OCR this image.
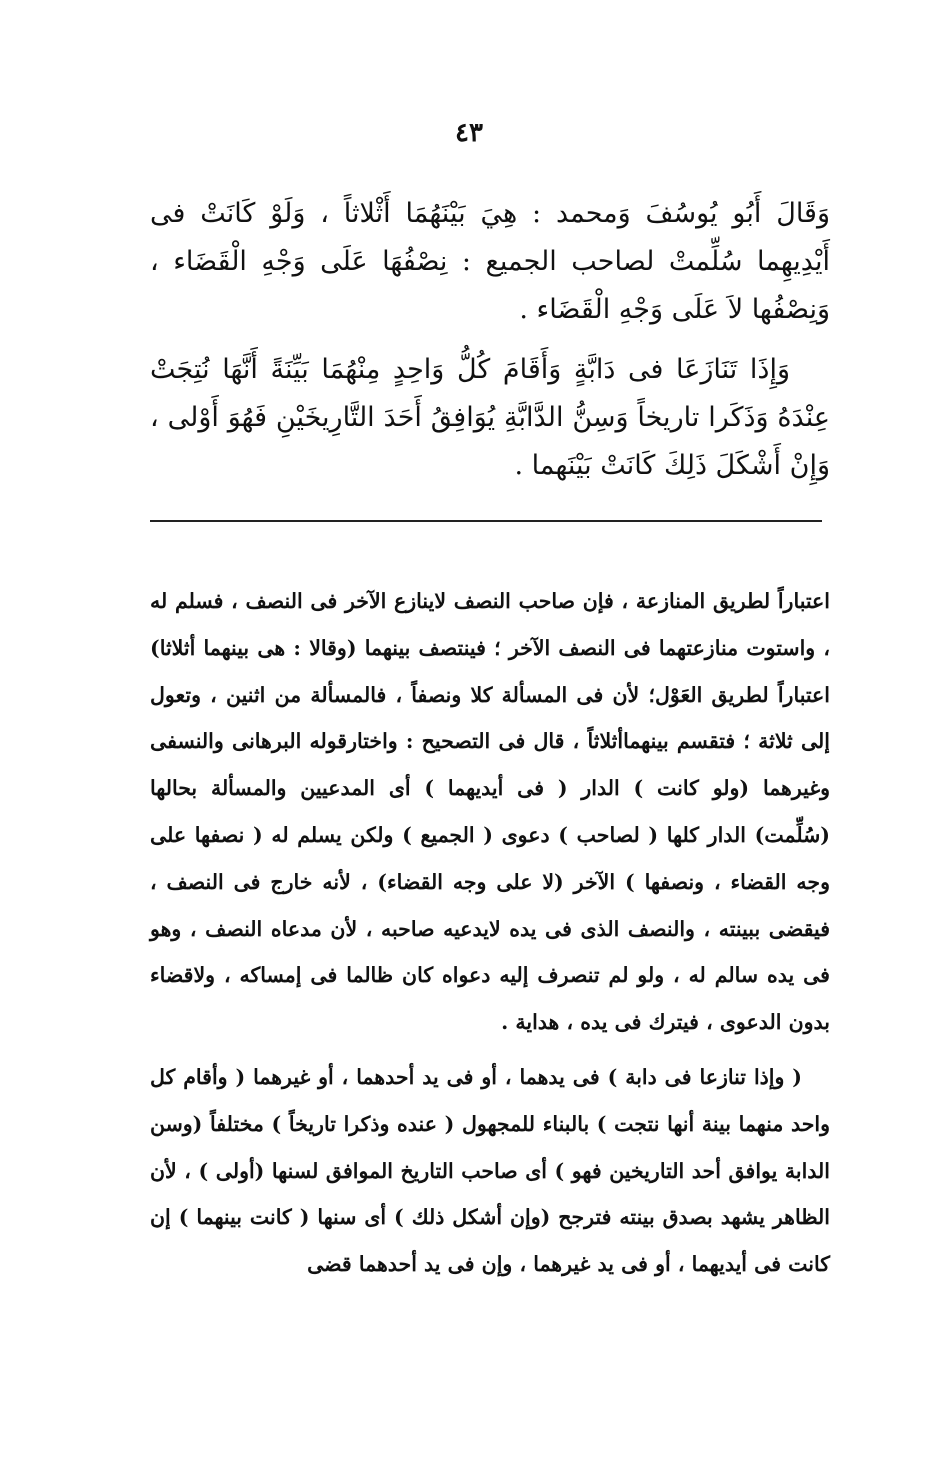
٤٣

وَقَالَ أَبُو يُوسُفَ وَمحمد : هِيَ بَيْنَهُمَا أَثْلاثاً ، وَلَوْ كَانَتْ فى أَيْدِيهِما سُلِّمتْ لصاحب الجميع : نِصْفُهَا عَلَى وَجْهِ الْقَضَاء ، وَنِصْفُها لاَ عَلَى وَجْهِ الْقَضَاء .

وَإِذَا تَنَازَعَا فى دَابَّةٍ وَأَقَامَ كُلُّ وَاحِدٍ مِنْهُمَا بَيِّنَةً أَنَّهَا نُتِجَتْ عِنْدَهُ وَذَكَرا تاريخاً وَسِنُّ الدَّابَّةِ يُوَافِقُ أَحَدَ التَّارِيخَيْنِ فَهُوَ أَوْلى ، وَإِنْ أَشْكَلَ ذَلِكَ كَانَتْ بَيْنَهما .

اعتباراً لطريق المنازعة ، فإن صاحب النصف لاينازع الآخر فى النصف ، فسلم له ، واستوت منازعتهما فى النصف الآخر ؛ فينتصف بينهما (وقالا : هى بينهما أثلاثا) اعتباراً لطريق العَوْل؛ لأن فى المسألة كلا ونصفاً ، فالمسألة من اثنين ، وتعول إلى ثلاثة ؛ فتقسم بينهماأثلاثاً ، قال فى التصحيح : واختارقوله البرهانى والنسفى وغيرهما (ولو كانت ) الدار ( فى أيديهما ) أى المدعيين والمسألة بحالها (سُلِّمت) الدار كلها ( لصاحب ) دعوى ( الجميع ) ولكن يسلم له ( نصفها على وجه القضاء ، ونصفها ) الآخر (لا على وجه القضاء) ، لأنه خارج فى النصف ، فيقضى ببينته ، والنصف الذى فى يده لايدعيه صاحبه ، لأن مدعاه النصف ، وهو فى يده سالم له ، ولو لم تنصرف إليه دعواه كان ظالما فى إمساكه ، ولاقضاء بدون الدعوى ، فيترك فى يده ، هداية .

( وإذا تنازعا فى دابة ) فى يدهما ، أو فى يد أحدهما ، أو غيرهما ( وأقام كل واحد منهما بينة أنها نتجت ) بالبناء للمجهول ( عنده وذكرا تاريخاً ) مختلفاً (وسن الدابة يوافق أحد التاريخين فهو ) أى صاحب التاريخ الموافق لسنها (أولى ) ، لأن الظاهر يشهد بصدق بينته فترجح (وإن أشكل ذلك ) أى سنها ( كانت بينهما ) إن كانت فى أيديهما ، أو فى يد غيرهما ، وإن فى يد أحدهما قضى
